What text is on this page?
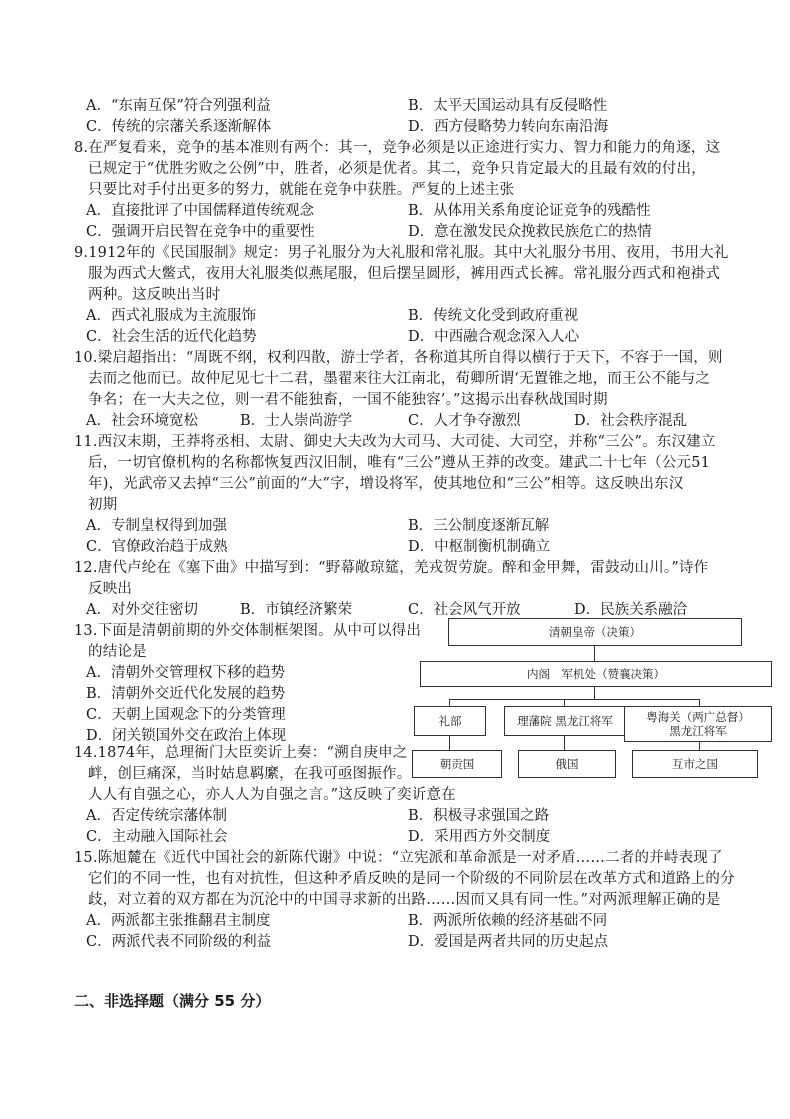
A．“东南互保”符合列强利益	B．太平天国运动具有反侵略性
C．传统的宗藩关系逐渐解体	D．西方侵略势力转向东南沿海
8.在严复看来，竞争的基本准则有两个：其一，竞争必须是以正途进行实力、智力和能力的角逐，这
已规定于“优胜劣败之公例”中，胜者，必须是优者。其二，竞争只肯定最大的且最有效的付出，
只要比对手付出更多的努力，就能在竞争中获胜。严复的上述主张
A．直接批评了中国儒释道传统观念	B．从体用关系角度论证竞争的残酷性
C．强调开启民智在竞争中的重要性	D．意在激发民众挽救民族危亡的热情
9.1912年的《民国服制》规定：男子礼服分为大礼服和常礼服。其中大礼服分书用、夜用，书用大礼
服为西式大鳖式，夜用大礼服类似燕尾服，但后摆呈圆形，裤用西式长裤。常礼服分西式和袍褂式
两种。这反映出当时
A．西式礼服成为主流服饰	B．传统文化受到政府重视
C．社会生活的近代化趋势	D．中西融合观念深入人心
10.梁启超指出：“周既不纲，权利四散，游士学者，各称道其所自得以横行于天下，不容于一国，则
去而之他而已。故仲尼见七十二君，墨翟来往大江南北，荀卿所谓‘无置锥之地，而王公不能与之
争名；在一大夫之位，则一君不能独畜，一国不能独容’。”这揭示出春秋战国时期
A．社会环境宽松	B．士人崇尚游学	C．人才争夺激烈	D．社会秩序混乱
11.西汉末期，王莽将丞相、太尉、御史大夫改为大司马、大司徒、大司空，并称“三公”。东汉建立
后，一切官僚机构的名称都恢复西汉旧制，唯有“三公”遵从王莽的改变。建武二十七年（公元51
年)，光武帝又去掉“三公”前面的“大”字，增设将军，使其地位和“三公”相等。这反映出东汉
初期
A．专制皇权得到加强	B．三公制度逐渐瓦解
C．官僚政治趋于成熟	D．中枢制衡机制确立
12.唐代卢纶在《塞下曲》中描写到：“野幕敞琼筵，羌戎贺劳旋。醉和金甲舞，雷鼓动山川。”诗作
反映出
A．对外交往密切	B．市镇经济繁荣	C．社会风气开放	D．民族关系融洽
13.下面是清朝前期的外交体制框架图。从中可以得出
的结论是
A．清朝外交管理权下移的趋势
B．清朝外交近代化发展的趋势
C．天朝上国观念下的分类管理
D．闭关锁国外交在政治上体现
清朝皇帝（决策）
内阁　军机处（赞襄决策）
礼部	理藩院 黑龙江将军	粤海关（两广总督）
黑龙江将军
朝贡国	俄国	互市之国
14.1874年，总理衙门大臣奕䜣上奏：“溯自庚申之
衅，创巨痛深，当时姑息羁縻，在我可亟图振作。
人人有自强之心，亦人人为自强之言。”这反映了奕䜣意在
A．否定传统宗藩体制	B．积极寻求强国之路
C．主动融入国际社会	D．采用西方外交制度
15.陈旭麓在《近代中国社会的新陈代谢》中说：“立宪派和革命派是一对矛盾……二者的并峙表现了
它们的不同一性，也有对抗性，但这种矛盾反映的是同一个阶级的不同阶层在改革方式和道路上的分
歧，对立着的双方都在为沉沦中的中国寻求新的出路……因而又具有同一性。”对两派理解正确的是
A．两派都主张推翻君主制度	B．两派所依赖的经济基础不同
C．两派代表不同阶级的利益	D．爱国是两者共同的历史起点
二、非选择题（满分 55 分）
